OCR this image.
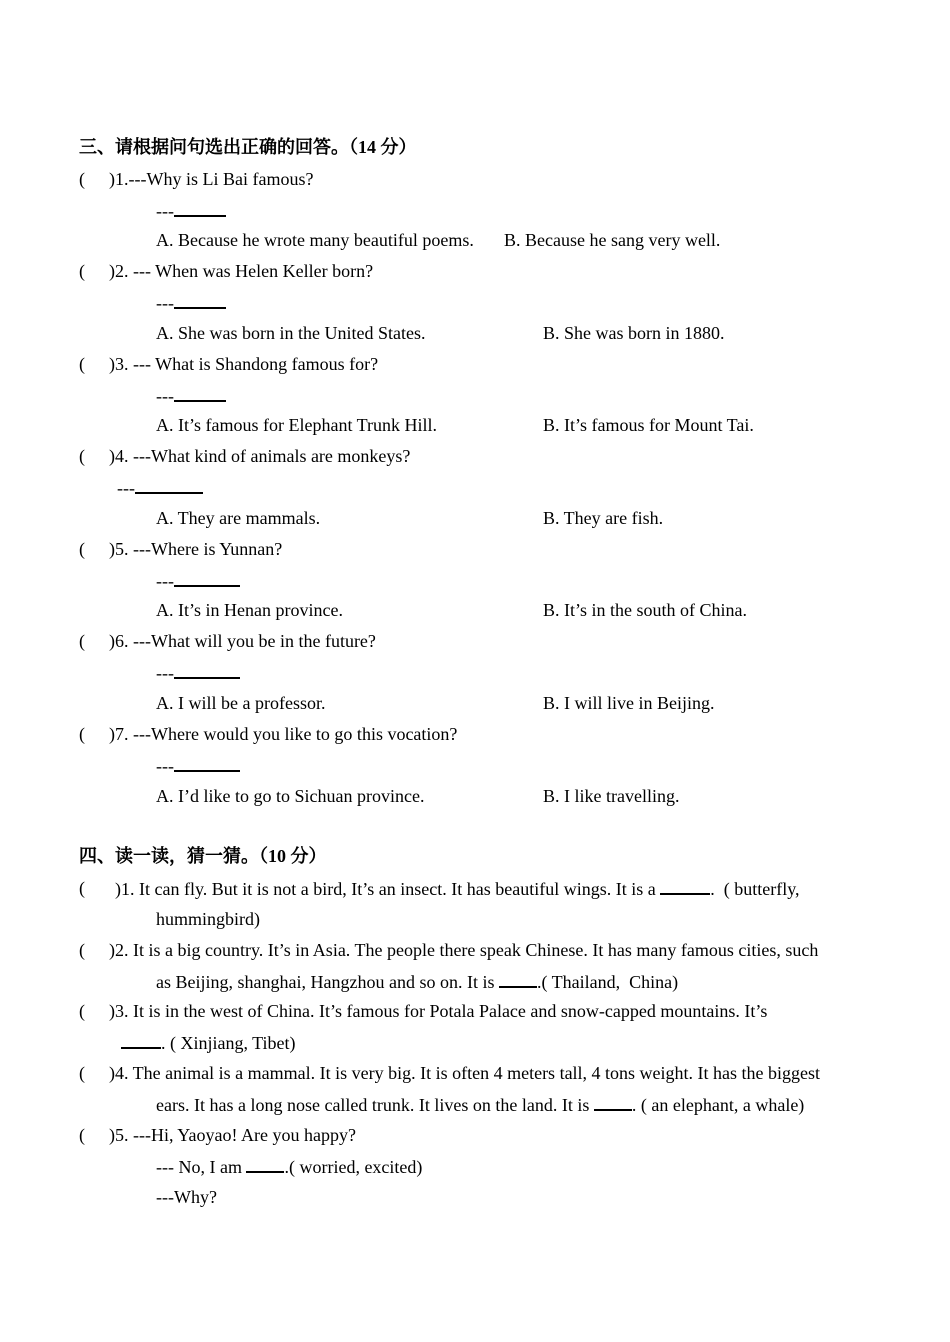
三、请根据问句选出正确的回答。（14 分）
( )1.---Why is Li Bai famous?
---
A. Because he wrote many beautiful poems. B. Because he sang very well.
( )2. --- When was Helen Keller born?
---
A. She was born in the United States.	B. She was born in 1880.
( )3. --- What is Shandong famous for?
---
A. It’s famous for Elephant Trunk Hill.	B. It’s famous for Mount Tai.
( )4. ---What kind of animals are monkeys?
---
A. They are mammals.	B. They are fish.
( )5. ---Where is Yunnan?
---
A. It’s in Henan province.	B. It’s in the south of China.
( )6. ---What will you be in the future?
---
A. I will be a professor.	B. I will live in Beijing.
( )7. ---Where would you like to go this vocation?
---
A. I’d like to go to Sichuan province.	B. I like travelling.
四、读一读，猜一猜。（10 分）
( )1. It can fly. But it is not a bird, It’s an insect. It has beautiful wings. It is a	.  ( butterfly,
hummingbird)
( )2. It is a big country. It’s in Asia. The people there speak Chinese. It has many famous cities, such
as Beijing, shanghai, Hangzhou and so on. It is .( Thailand,  China)
( )3. It is in the west of China. It’s famous for Potala Palace and snow-capped mountains. It’s
. ( Xinjiang, Tibet)
( )4. The animal is a mammal. It is very big. It is often 4 meters tall, 4 tons weight. It has the biggest
ears. It has a long nose called trunk. It lives on the land. It is . ( an elephant, a whale)
( )5. ---Hi, Yaoyao! Are you happy?
--- No, I am .( worried, excited)
---Why?
